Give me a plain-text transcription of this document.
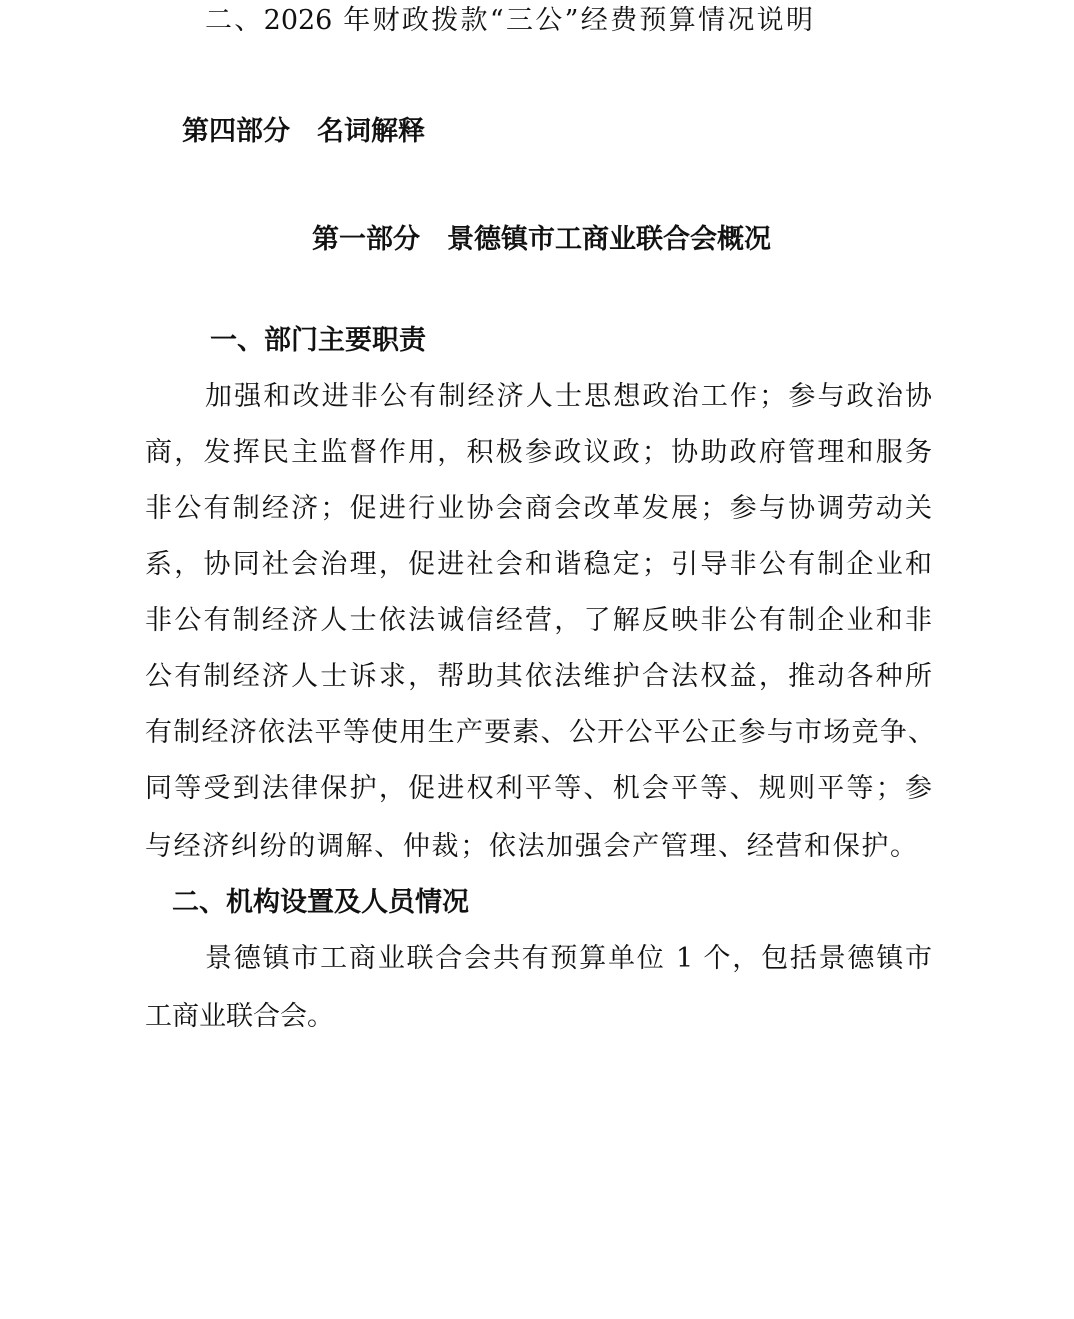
二、2026 年财政拨款“三公”经费预算情况说明
第四部分　名词解释
第一部分　景德镇市工商业联合会概况
一、部门主要职责
加强和改进非公有制经济人士思想政治工作；参与政治协
商，发挥民主监督作用，积极参政议政；协助政府管理和服务
非公有制经济；促进行业协会商会改革发展；参与协调劳动关
系，协同社会治理，促进社会和谐稳定；引导非公有制企业和
非公有制经济人士依法诚信经营，了解反映非公有制企业和非
公有制经济人士诉求，帮助其依法维护合法权益，推动各种所
有制经济依法平等使用生产要素、公开公平公正参与市场竞争、
同等受到法律保护，促进权利平等、机会平等、规则平等；参
与经济纠纷的调解、仲裁；依法加强会产管理、经营和保护。
二、机构设置及人员情况
景德镇市工商业联合会共有预算单位 1 个，包括景德镇市
工商业联合会。
